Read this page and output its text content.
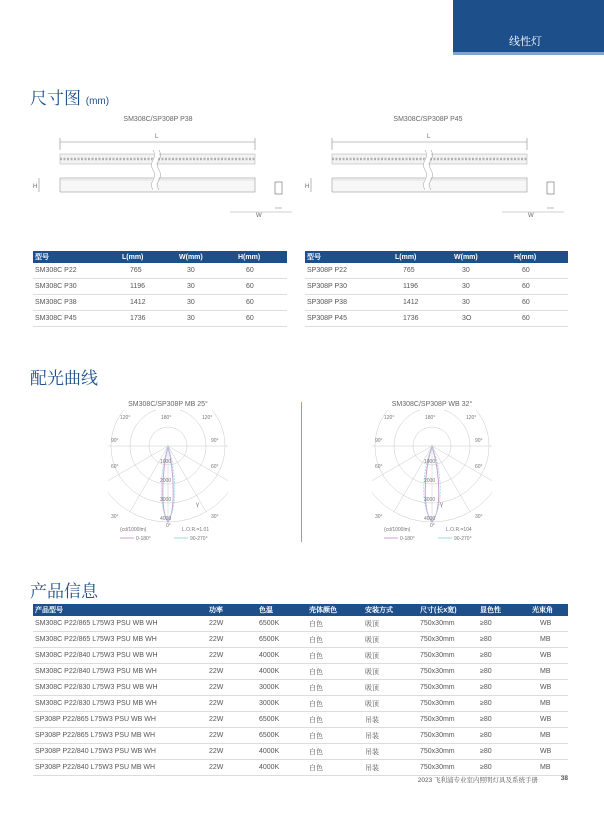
线性灯
尺寸图 (mm)
SM308C/SP308P P38
L
H
W
SM308C/SP308P P45
L
H
W
型号	L(mm)	W(mm)	H(mm)
SM308C P22	765	30	60
SM308C P30	1196	30	60
SM308C P38	1412	30	60
SM308C P45	1736	30	60
型号	L(mm)	W(mm)	H(mm)
SP308P P22	765	30	60
SP308P P30	1196	30	60
SP308P P38	1412	30	60
SP308P P45	1736	3O	60
配光曲线
SM308C/SP308P MB 25°	SM308C/SP308P WB 32°
120°	180°	120°
90°	90°
60°	60°
30°	30°
0°
1000
2000
3000
4000
γ
(cd/1000lm)	L.O.R.=1.01
0-180°	90-270°
120°	180°	120°
90°	90°
60°	60°
30°	30°
0°
1000
2000
3000
4000
γ
(cd/1000lm)	L.O.R.=104
0-180°	90-270°
产品信息
产品型号	功率	色温	壳体颜色	安装方式	尺寸(长x宽)	显色性	光束角
SM308C P22/865 L75W3 PSU WB WH	22W	6500K	白色	吸顶	750x30mm	≥80	WB
SM308C P22/865 L75W3 PSU MB WH	22W	6500K	白色	吸顶	750x30mm	≥80	MB
SM308C P22/840 L75W3 PSU WB WH	22W	4000K	白色	吸顶	750x30mm	≥80	WB
SM308C P22/840 L75W3 PSU MB WH	22W	4000K	白色	吸顶	750x30mm	≥80	MB
SM308C P22/830 L75W3 PSU WB WH	22W	3000K	白色	吸顶	750x30mm	≥80	WB
SM308C P22/830 L75W3 PSU MB WH	22W	3000K	白色	吸顶	750x30mm	≥80	MB
SP308P P22/865 L75W3 PSU WB WH	22W	6500K	白色	吊装	750x30mm	≥80	WB
SP308P P22/865 L75W3 PSU MB WH	22W	6500K	白色	吊装	750x30mm	≥80	MB
SP308P P22/840 L75W3 PSU WB WH	22W	4000K	白色	吊装	750x30mm	≥80	WB
SP308P P22/840 L75W3 PSU MB WH	22W	4000K	白色	吊装	750x30mm	≥80	MB
2023 飞利浦专业室内照明灯具及系统手册	38
